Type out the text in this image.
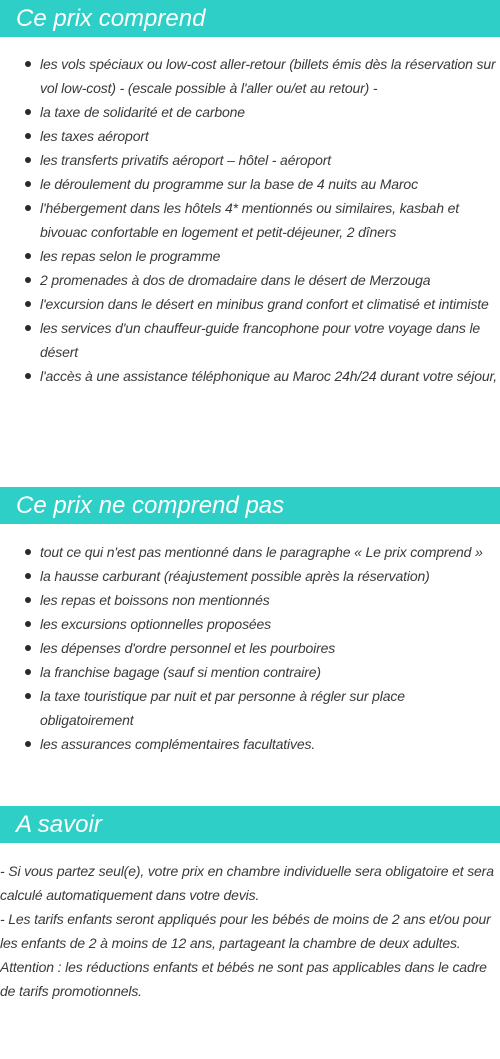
Ce prix comprend
les vols spéciaux ou low-cost aller-retour (billets émis dès la réservation sur vol low-cost) - (escale possible à l'aller ou/et au retour) -
la taxe de solidarité et de carbone
les taxes aéroport
les transferts privatifs aéroport – hôtel - aéroport
le déroulement du programme sur la base de 4 nuits au Maroc
l'hébergement dans les hôtels 4* mentionnés ou similaires, kasbah et bivouac confortable en logement et petit-déjeuner, 2 dîners
les repas selon le programme
2 promenades à dos de dromadaire dans le désert de Merzouga
l'excursion dans le désert en minibus grand confort et climatisé et intimiste
les services d'un chauffeur-guide francophone pour votre voyage dans le désert
l'accès à une assistance téléphonique au Maroc 24h/24 durant votre séjour,
Ce prix ne comprend pas
tout ce qui n'est pas mentionné dans le paragraphe « Le prix comprend »
la hausse carburant (réajustement possible après la réservation)
les repas et boissons non mentionnés
les excursions optionnelles proposées
les dépenses d'ordre personnel et les pourboires
la franchise bagage (sauf si mention contraire)
la taxe touristique par nuit et par personne à régler sur place obligatoirement
les assurances complémentaires facultatives.
A savoir

- Si vous partez seul(e), votre prix en chambre individuelle sera obligatoire et sera calculé automatiquement dans votre devis.

- Les tarifs enfants seront appliqués pour les bébés de moins de 2 ans et/ou pour les enfants de 2 à moins de 12 ans, partageant la chambre de deux adultes. Attention : les réductions enfants et bébés ne sont pas applicables dans le cadre de tarifs promotionnels.
